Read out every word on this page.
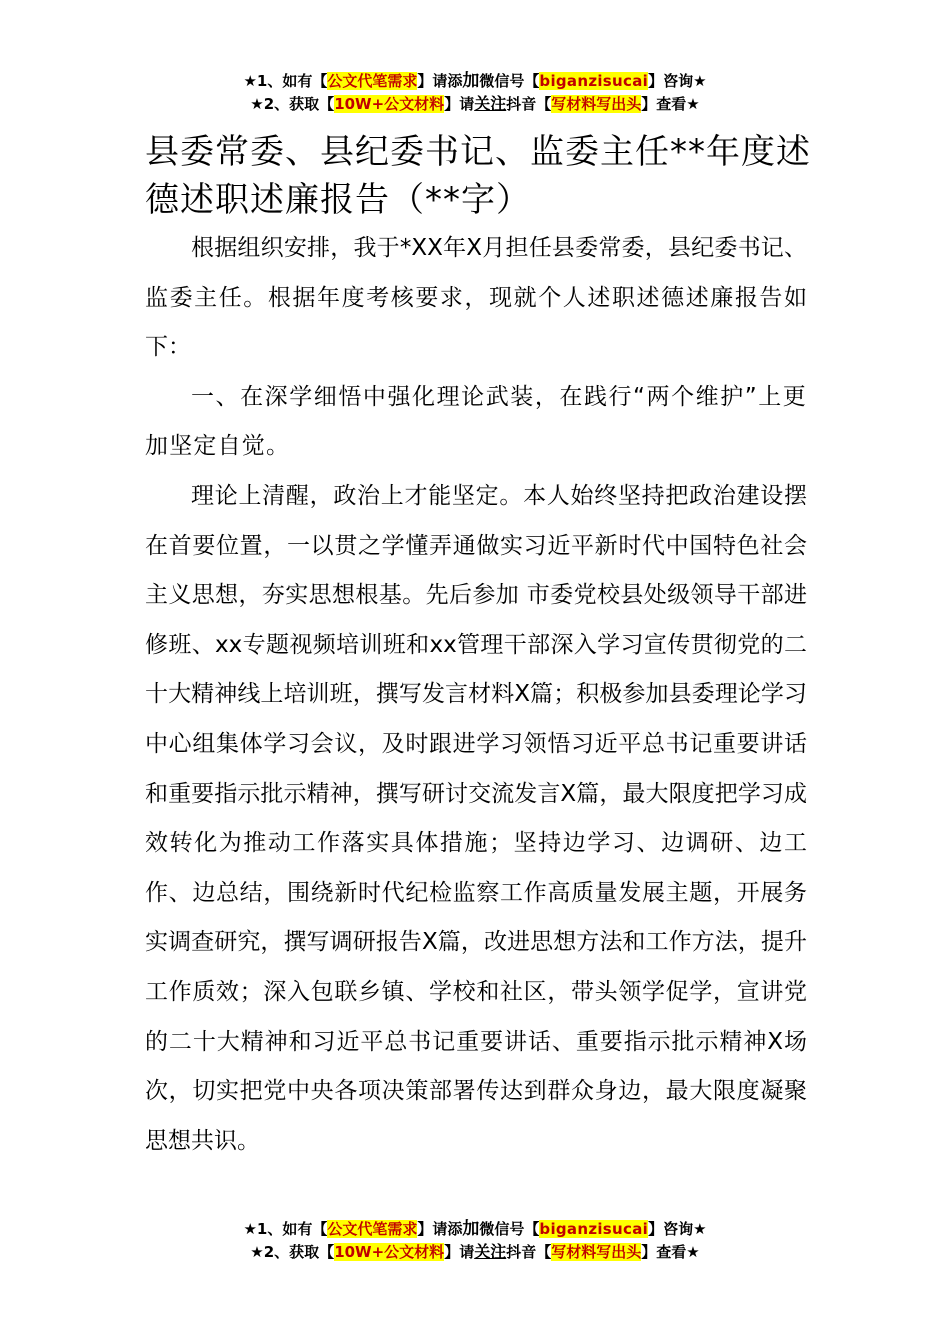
★1、如有【公文代笔需求】请添加微信号【biganzisucai】咨询★
★2、获取【10W+公文材料】请关注抖音【写材料写出头】查看★
县委常委、县纪委书记、监委主任**年度述德述职述廉报告（**字）

根据组织安排，我于*XX年X月担任县委常委，县纪委书记、监委主任。根据年度考核要求，现就个人述职述德述廉报告如下：

一、在深学细悟中强化理论武装，在践行“两个维护”上更加坚定自觉。

理论上清醒，政治上才能坚定。本人始终坚持把政治建设摆在首要位置，一以贯之学懂弄通做实习近平新时代中国特色社会主义思想，夯实思想根基。先后参加 市委党校县处级领导干部进修班、xx专题视频培训班和xx管理干部深入学习宣传贯彻党的二十大精神线上培训班，撰写发言材料X篇；积极参加县委理论学习中心组集体学习会议，及时跟进学习领悟习近平总书记重要讲话和重要指示批示精神，撰写研讨交流发言X篇，最大限度把学习成效转化为推动工作落实具体措施；坚持边学习、边调研、边工作、边总结，围绕新时代纪检监察工作高质量发展主题，开展务实调查研究，撰写调研报告X篇，改进思想方法和工作方法，提升工作质效；深入包联乡镇、学校和社区，带头领学促学，宣讲党的二十大精神和习近平总书记重要讲话、重要指示批示精神X场次，切实把党中央各项决策部署传达到群众身边，最大限度凝聚思想共识。

★1、如有【公文代笔需求】请添加微信号【biganzisucai】咨询★
★2、获取【10W+公文材料】请关注抖音【写材料写出头】查看★
